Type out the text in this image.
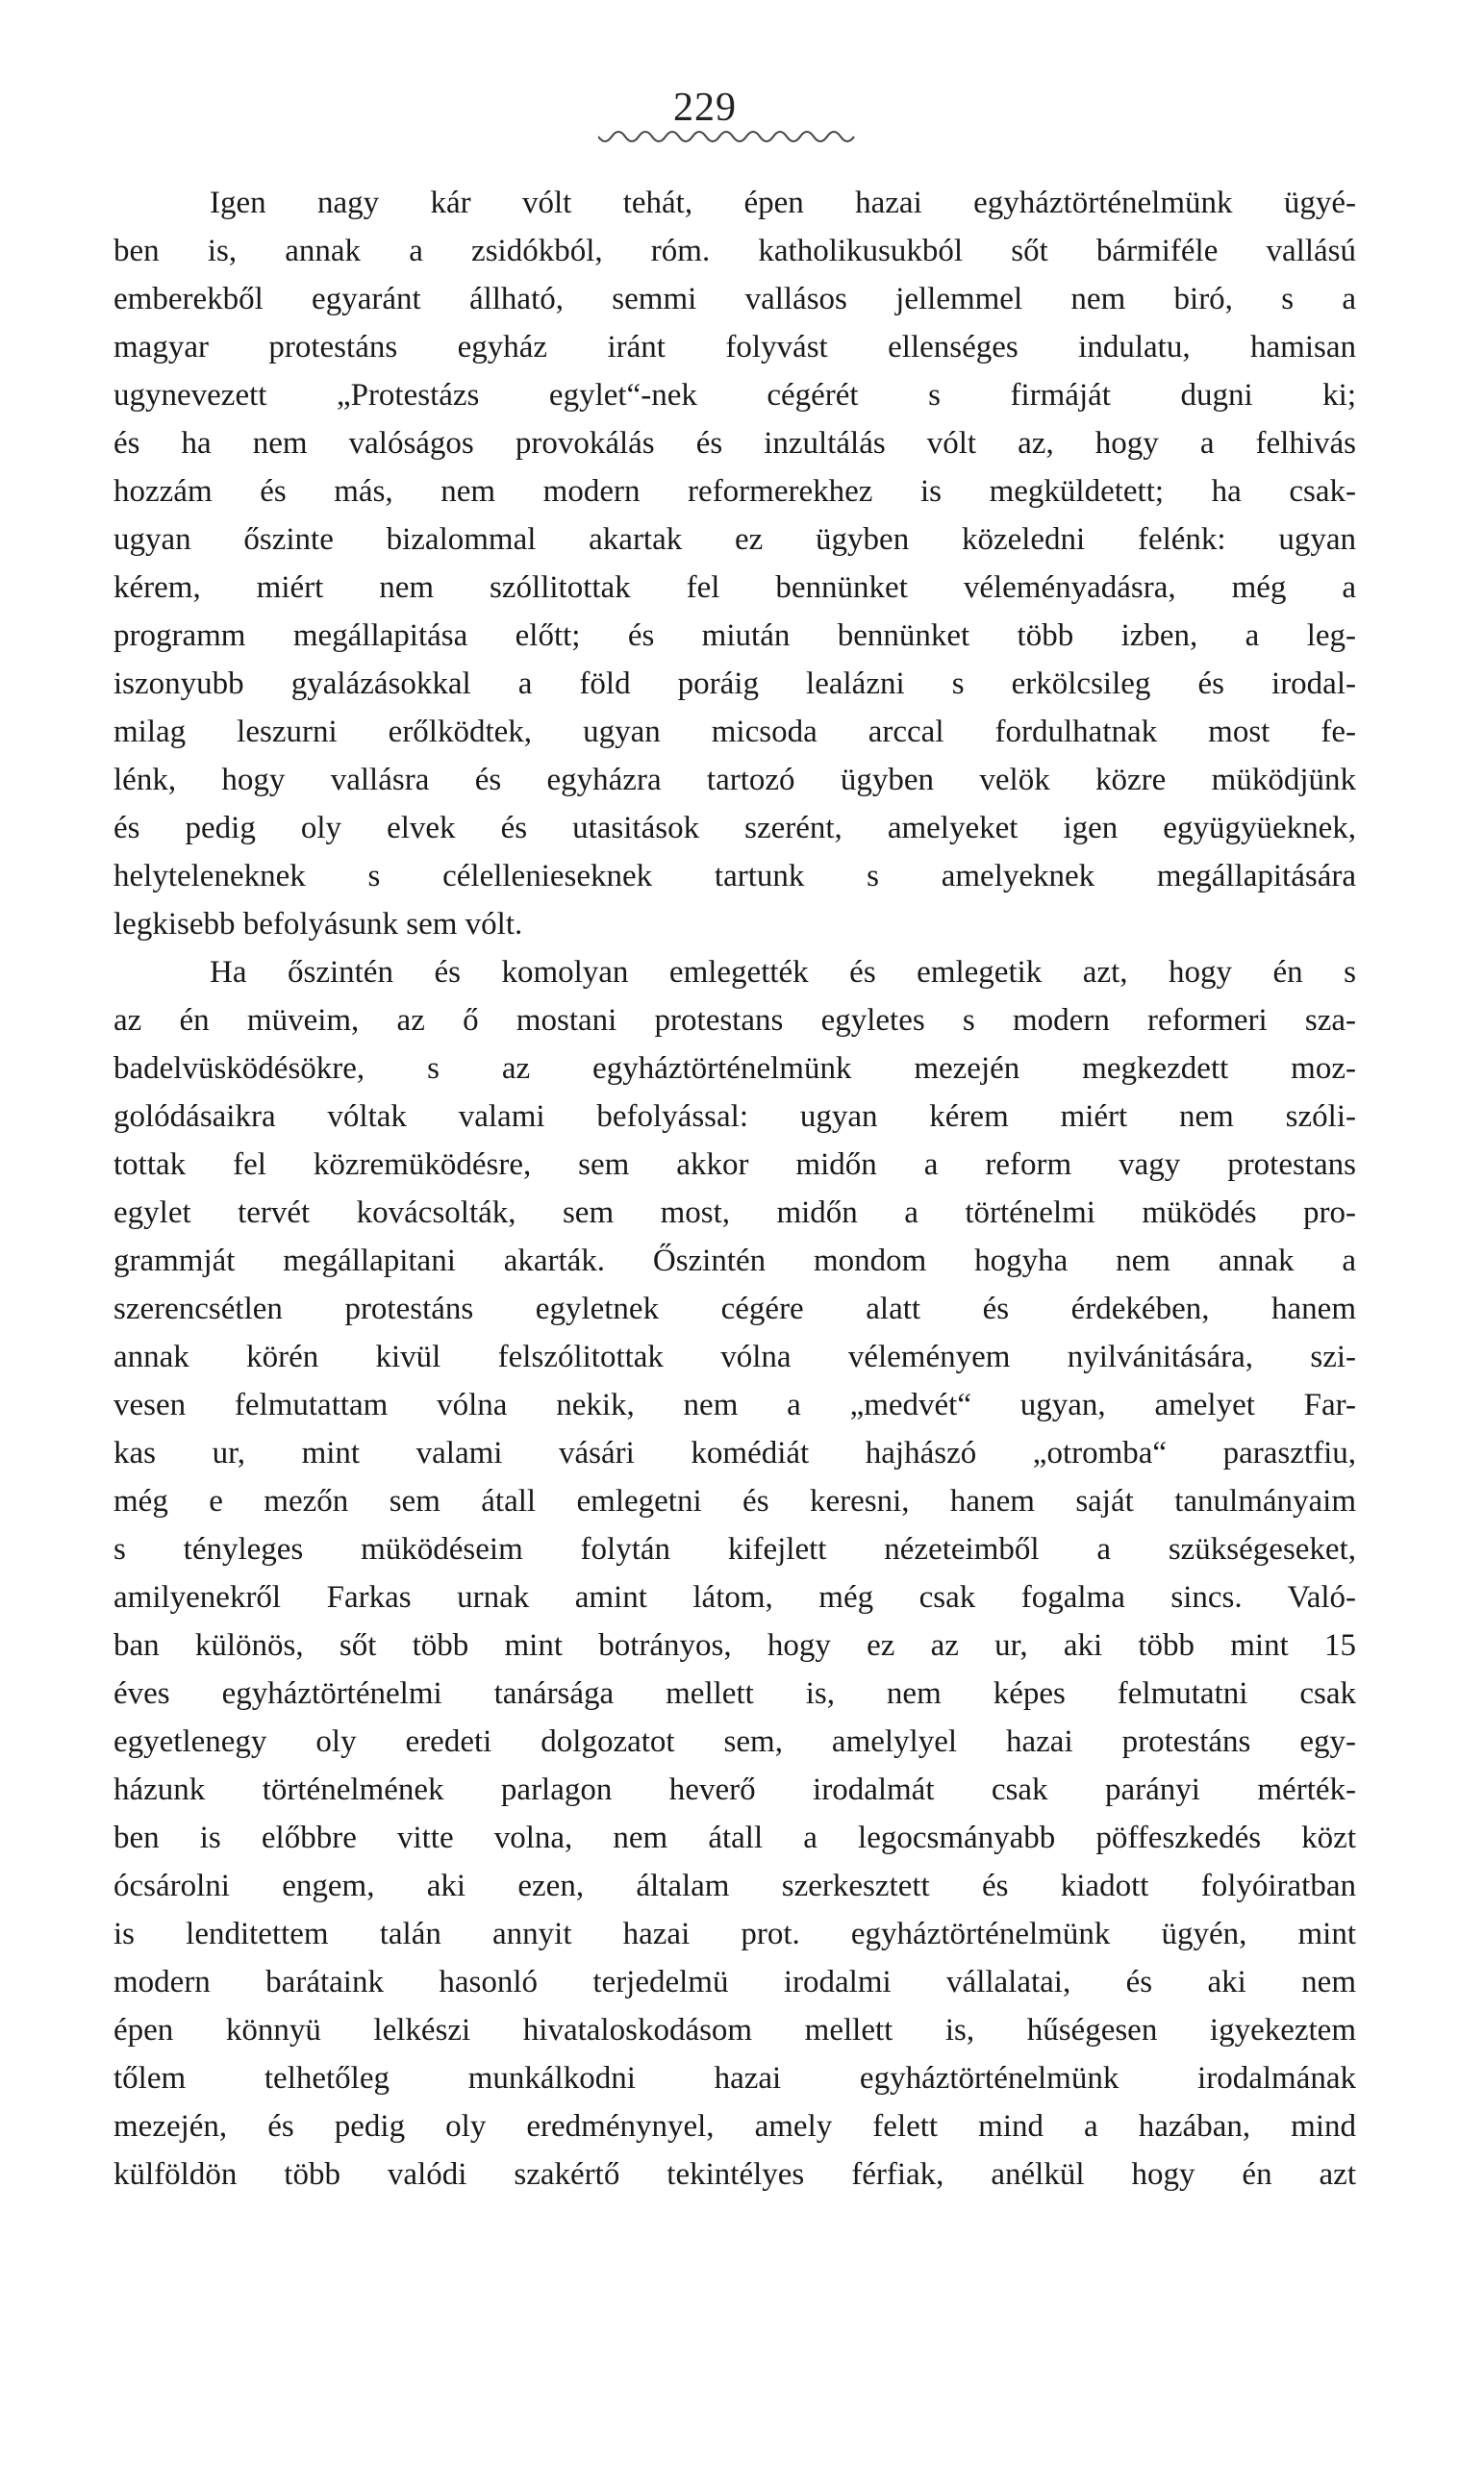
229
Igen nagy kár vólt tehát, épen hazai egyháztörténelmünk ügyé-
ben is, annak a zsidókból, róm. katholikusukból sőt bármiféle vallású
emberekből egyaránt állható, semmi vallásos jellemmel nem biró, s a
magyar protestáns egyház iránt folyvást ellenséges indulatu, hamisan
ugynevezett „Protestázs egylet“-nek cégérét s firmáját dugni ki;
és ha nem valóságos provokálás és inzultálás vólt az, hogy a felhivás
hozzám és más, nem modern reformerekhez is megküldetett; ha csak-
ugyan őszinte bizalommal akartak ez ügyben közeledni felénk: ugyan
kérem, miért nem szóllitottak fel bennünket véleményadásra, még a
programm megállapitása előtt; és miután bennünket több izben, a leg-
iszonyubb gyalázásokkal a föld poráig lealázni s erkölcsileg és irodal-
milag leszurni erőlködtek, ugyan micsoda arccal fordulhatnak most fe-
lénk, hogy vallásra és egyházra tartozó ügyben velök közre müködjünk
és pedig oly elvek és utasitások szerént, amelyeket igen együgyüeknek,
helyteleneknek s célellenieseknek tartunk s amelyeknek megállapitására
legkisebb befolyásunk sem vólt.
Ha őszintén és komolyan emlegették és emlegetik azt, hogy én s
az én müveim, az ő mostani protestans egyletes s modern reformeri sza-
badelvüsködésökre, s az egyháztörténelmünk mezején megkezdett moz-
golódásaikra vóltak valami befolyással: ugyan kérem miért nem szóli-
tottak fel közremüködésre, sem akkor midőn a reform vagy protestans
egylet tervét kovácsolták, sem most, midőn a történelmi müködés pro-
grammját megállapitani akarták. Őszintén mondom hogyha nem annak a
szerencsétlen protestáns egyletnek cégére alatt és érdekében, hanem
annak körén kivül felszólitottak vólna véleményem nyilvánitására, szi-
vesen felmutattam vólna nekik, nem a „medvét“ ugyan, amelyet Far-
kas ur, mint valami vásári komédiát hajhászó „otromba“ parasztfiu,
még e mezőn sem átall emlegetni és keresni, hanem saját tanulmányaim
s tényleges müködéseim folytán kifejlett nézeteimből a szükségeseket,
amilyenekről Farkas urnak amint látom, még csak fogalma sincs. Való-
ban különös, sőt több mint botrányos, hogy ez az ur, aki több mint 15
éves egyháztörténelmi tanársága mellett is, nem képes felmutatni csak
egyetlenegy oly eredeti dolgozatot sem, amelylyel hazai protestáns egy-
házunk történelmének parlagon heverő irodalmát csak parányi mérték-
ben is előbbre vitte volna, nem átall a legocsmányabb pöffeszkedés közt
ócsárolni engem, aki ezen, általam szerkesztett és kiadott folyóiratban
is lenditettem talán annyit hazai prot. egyháztörténelmünk ügyén, mint
modern barátaink hasonló terjedelmü irodalmi vállalatai, és aki nem
épen könnyü lelkészi hivataloskodásom mellett is, hűségesen igyekeztem
tőlem telhetőleg munkálkodni hazai egyháztörténelmünk irodalmának
mezején, és pedig oly eredménynyel, amely felett mind a hazában, mind
külföldön több valódi szakértő tekintélyes férfiak, anélkül hogy én azt
